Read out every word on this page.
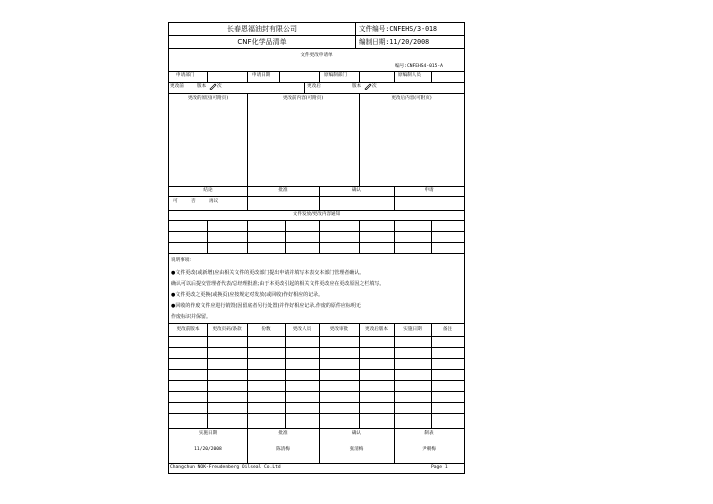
长春恩福油封有限公司	文件编号:CNFEHS/3-018
CNF化学品清单	编制日期:11/20/2008
文件更改申请单
编号:CNFEHS4-015-A
申请部门	申请日期	原编制部门	原编制人员
更改前	版本 次	更改后	版本 次
更改的原因(可附页)	更改前内容(可附页)	更改后内容(可附页)
结论	批准	确认	申请
可	否	再议
文件发放/更改内容通知
说明事项:
●文件更改(或新增)应由相关文件的更改部门提出申请并填写本表交本部门管理者确认。
确认可以后提交管理者代表/总经理批准;由于本更改引起的相关文件更改应在更改原因之栏填写。
●文件更改之更换(或换页)应按规定对发放(或回收)作好相应的记录。
●回收的作废文件应进行销毁(因留底者另行处置)并作好相应记录,作废的原件应标明无
作废标识并保留。
更改前版本	更改页码/条款	份数	更改人员	更改审批	更改后版本	实施日期	备注
实施日期	批准	确认	制表
11/20/2008	陈清梅	张清梅	尹朝梅
Changchun NOK-Freudenberg Oilseal Co.Ltd	Page 1
